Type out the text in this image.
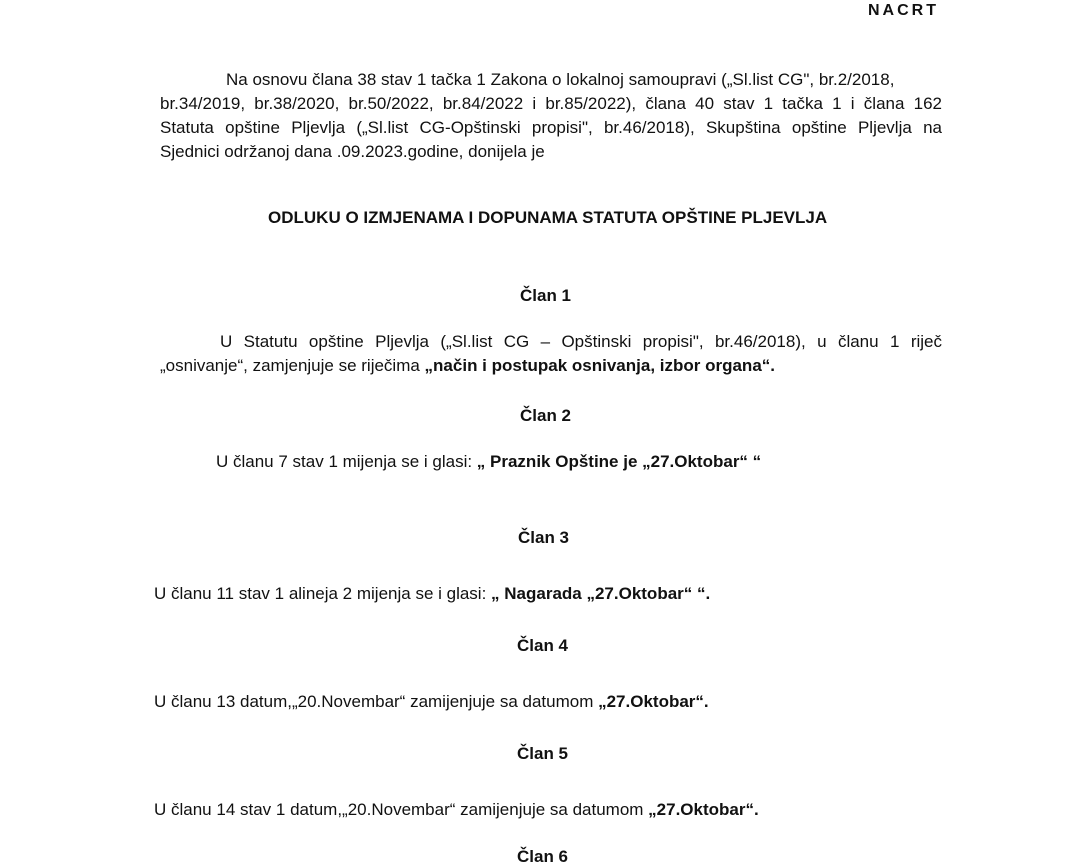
NACRT
Na osnovu člana 38 stav 1 tačka 1 Zakona o lokalnoj samoupravi („Sl.list CG", br.2/2018,
br.34/2019, br.38/2020, br.50/2022, br.84/2022 i br.85/2022), člana 40 stav 1 tačka 1 i člana 162
Statuta opštine Pljevlja („Sl.list CG-Opštinski propisi", br.46/2018), Skupština opštine Pljevlja na
Sjednici održanoj dana .09.2023.godine, donijela je
ODLUKU O IZMJENAMA I DOPUNAMA STATUTA OPŠTINE PLJEVLJA
Član 1
U Statutu opštine Pljevlja („Sl.list CG – Opštinski propisi", br.46/2018), u članu 1 riječ
„osnivanje“, zamjenjuje se riječima „način i postupak osnivanja, izbor organa“.
Član 2
U članu 7 stav 1 mijenja se i glasi: „ Praznik Opštine je „27.Oktobar“ “
Član 3
U članu 11 stav 1 alineja 2 mijenja se i glasi: „ Nagarada „27.Oktobar“ “.
Član 4
U članu 13 datum,„20.Novembar“ zamijenjuje sa datumom „27.Oktobar“.
Član 5
U članu 14 stav 1 datum,„20.Novembar“ zamijenjuje sa datumom „27.Oktobar“.
Član 6
